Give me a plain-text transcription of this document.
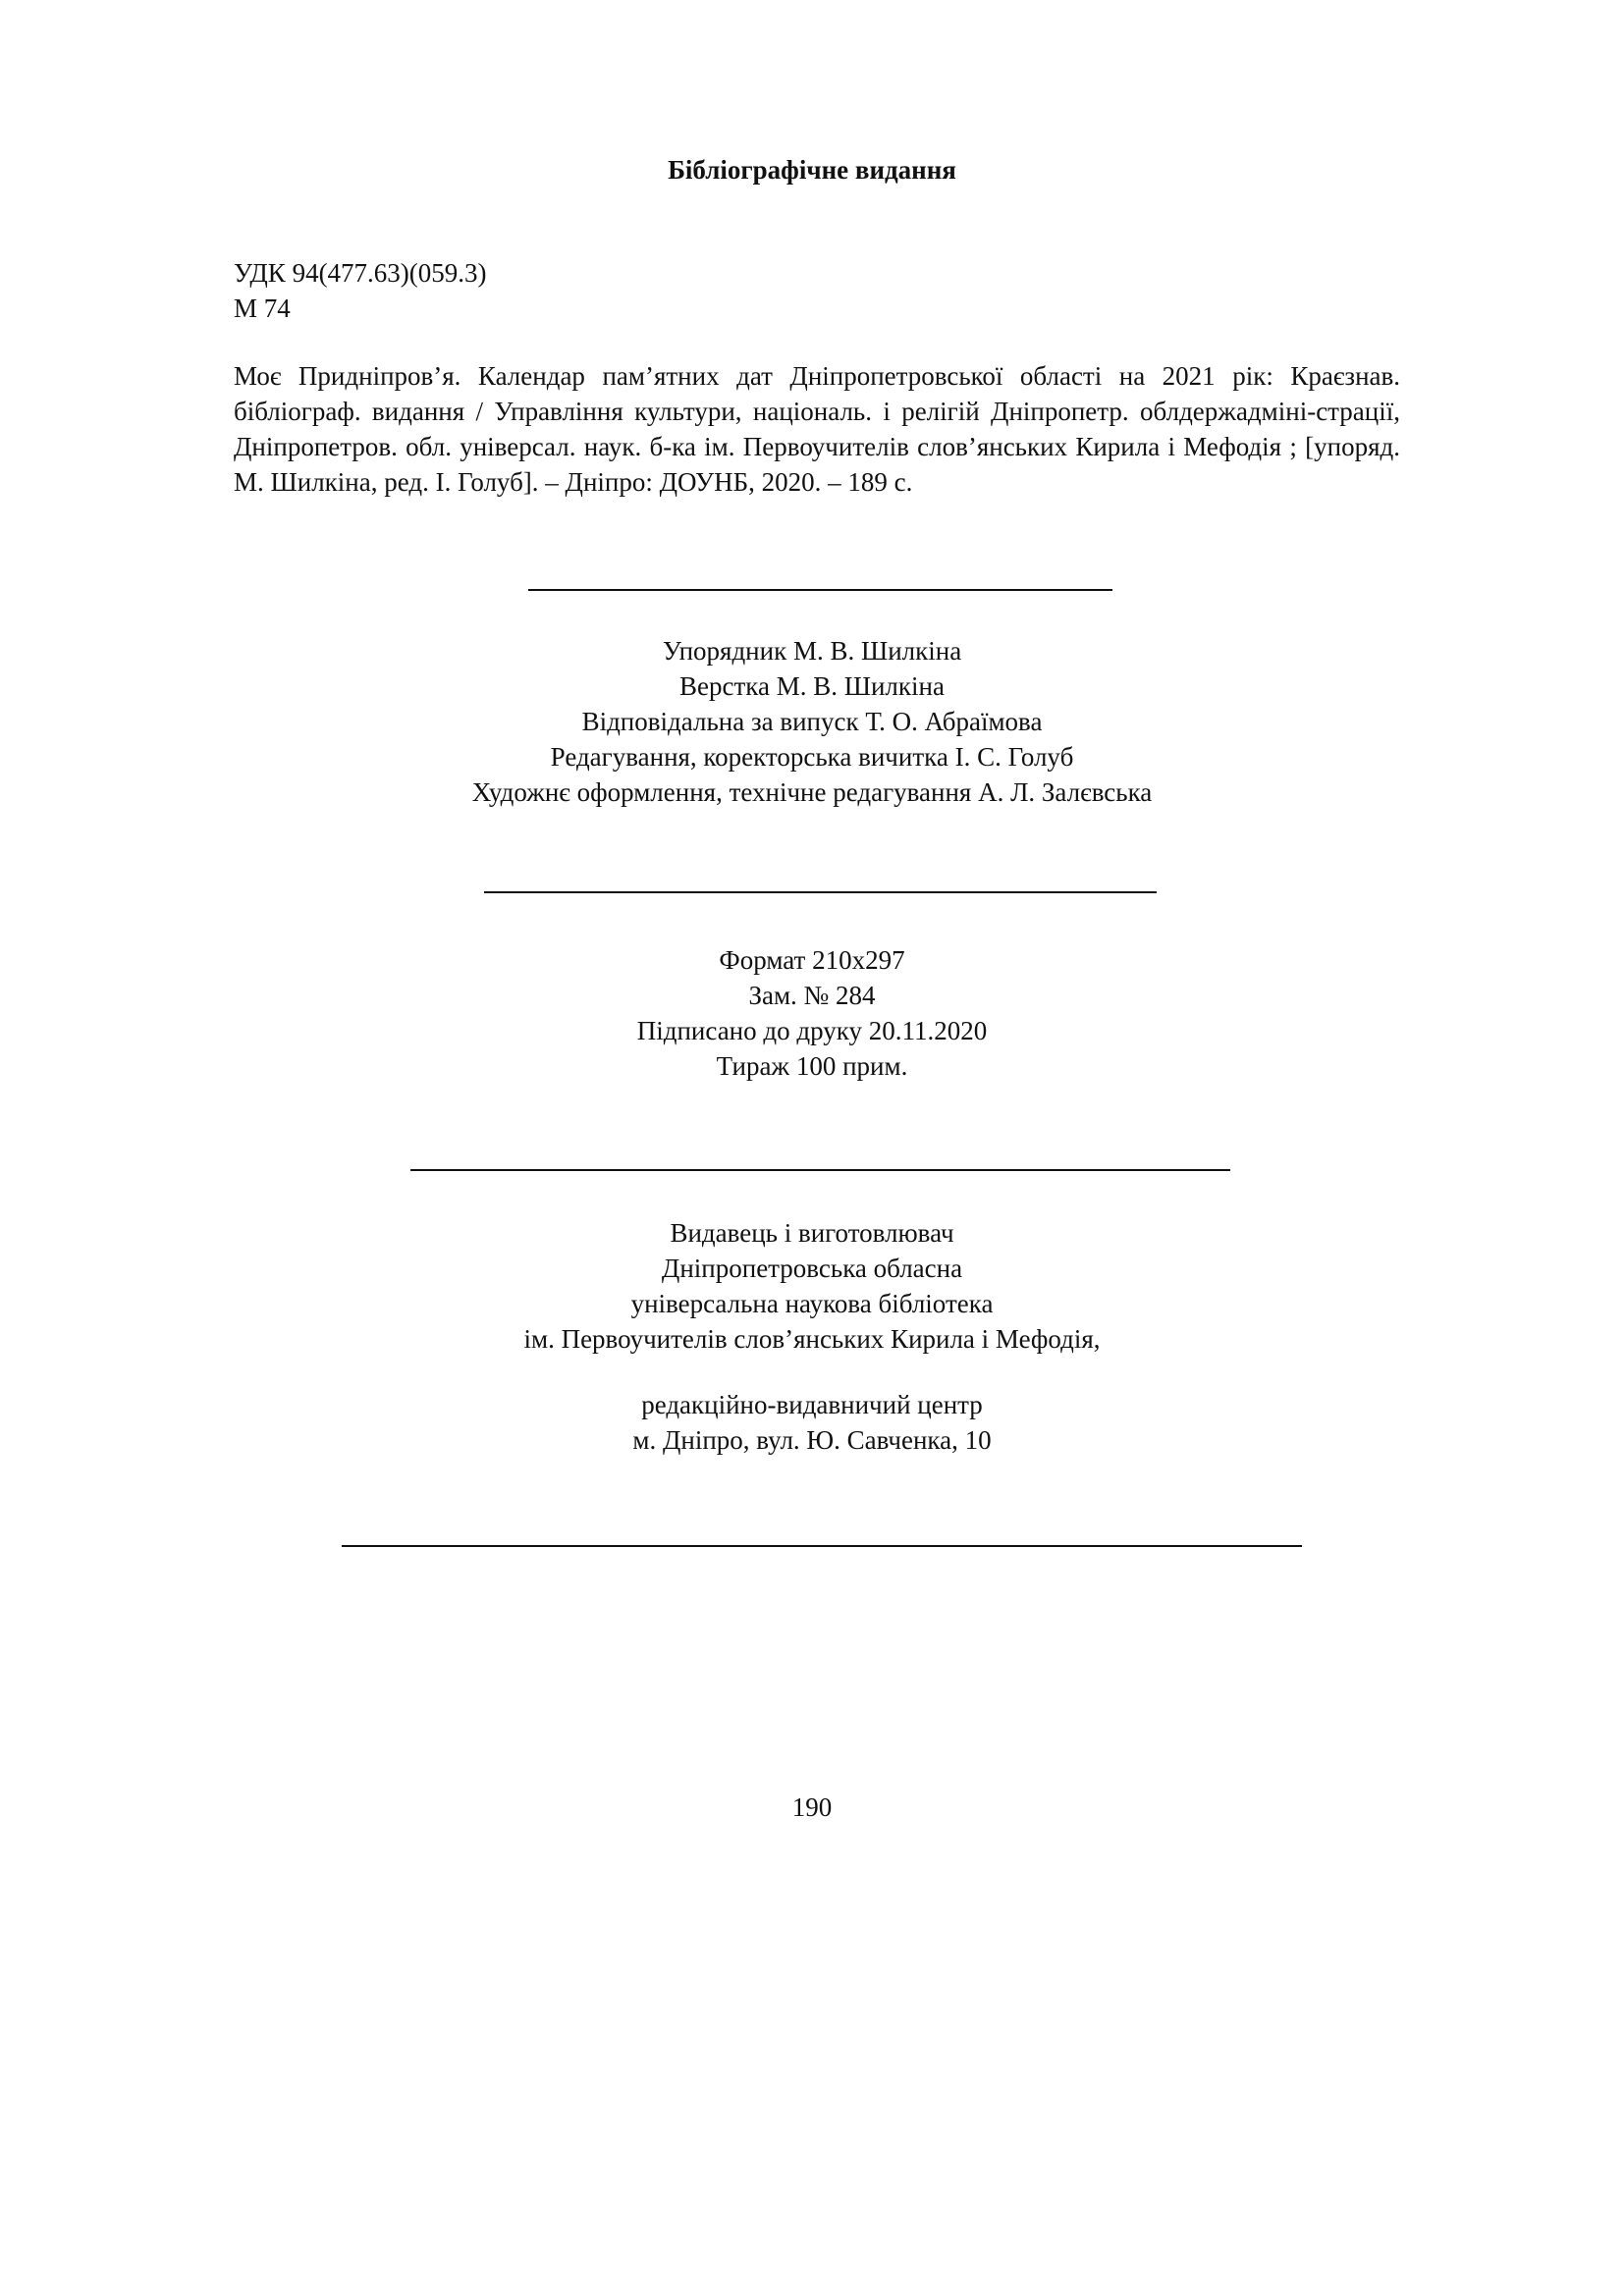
Бібліографічне видання
УДК 94(477.63)(059.3)
М 74
Моє Придніпров’я. Календар пам’ятних дат Дніпропетровської області на 2021 рік: Краєзнав. бібліограф. видання / Управління культури, національ. і релігій Дніпропетр. облдержадміні-страції, Дніпропетров. обл. універсал. наук. б-ка ім. Первоучителів слов’янських Кирила і Мефодія ; [упоряд. М. Шилкіна, ред. І. Голуб]. – Дніпро: ДОУНБ, 2020. – 189 с.
Упорядник М. В. Шилкіна
Верстка М. В. Шилкіна
Відповідальна за випуск Т. О. Абраїмова
Редагування, коректорська вичитка І. С. Голуб
Художнє оформлення, технічне редагування А. Л. Залєвська
Формат 210х297
Зам. № 284
Підписано до друку 20.11.2020
Тираж 100 прим.
Видавець і виготовлювач
Дніпропетровська обласна
універсальна наукова бібліотека
ім. Первоучителів слов’янських Кирила і Мефодія,
редакційно-видавничий центр
м. Дніпро, вул. Ю. Савченка, 10
190
